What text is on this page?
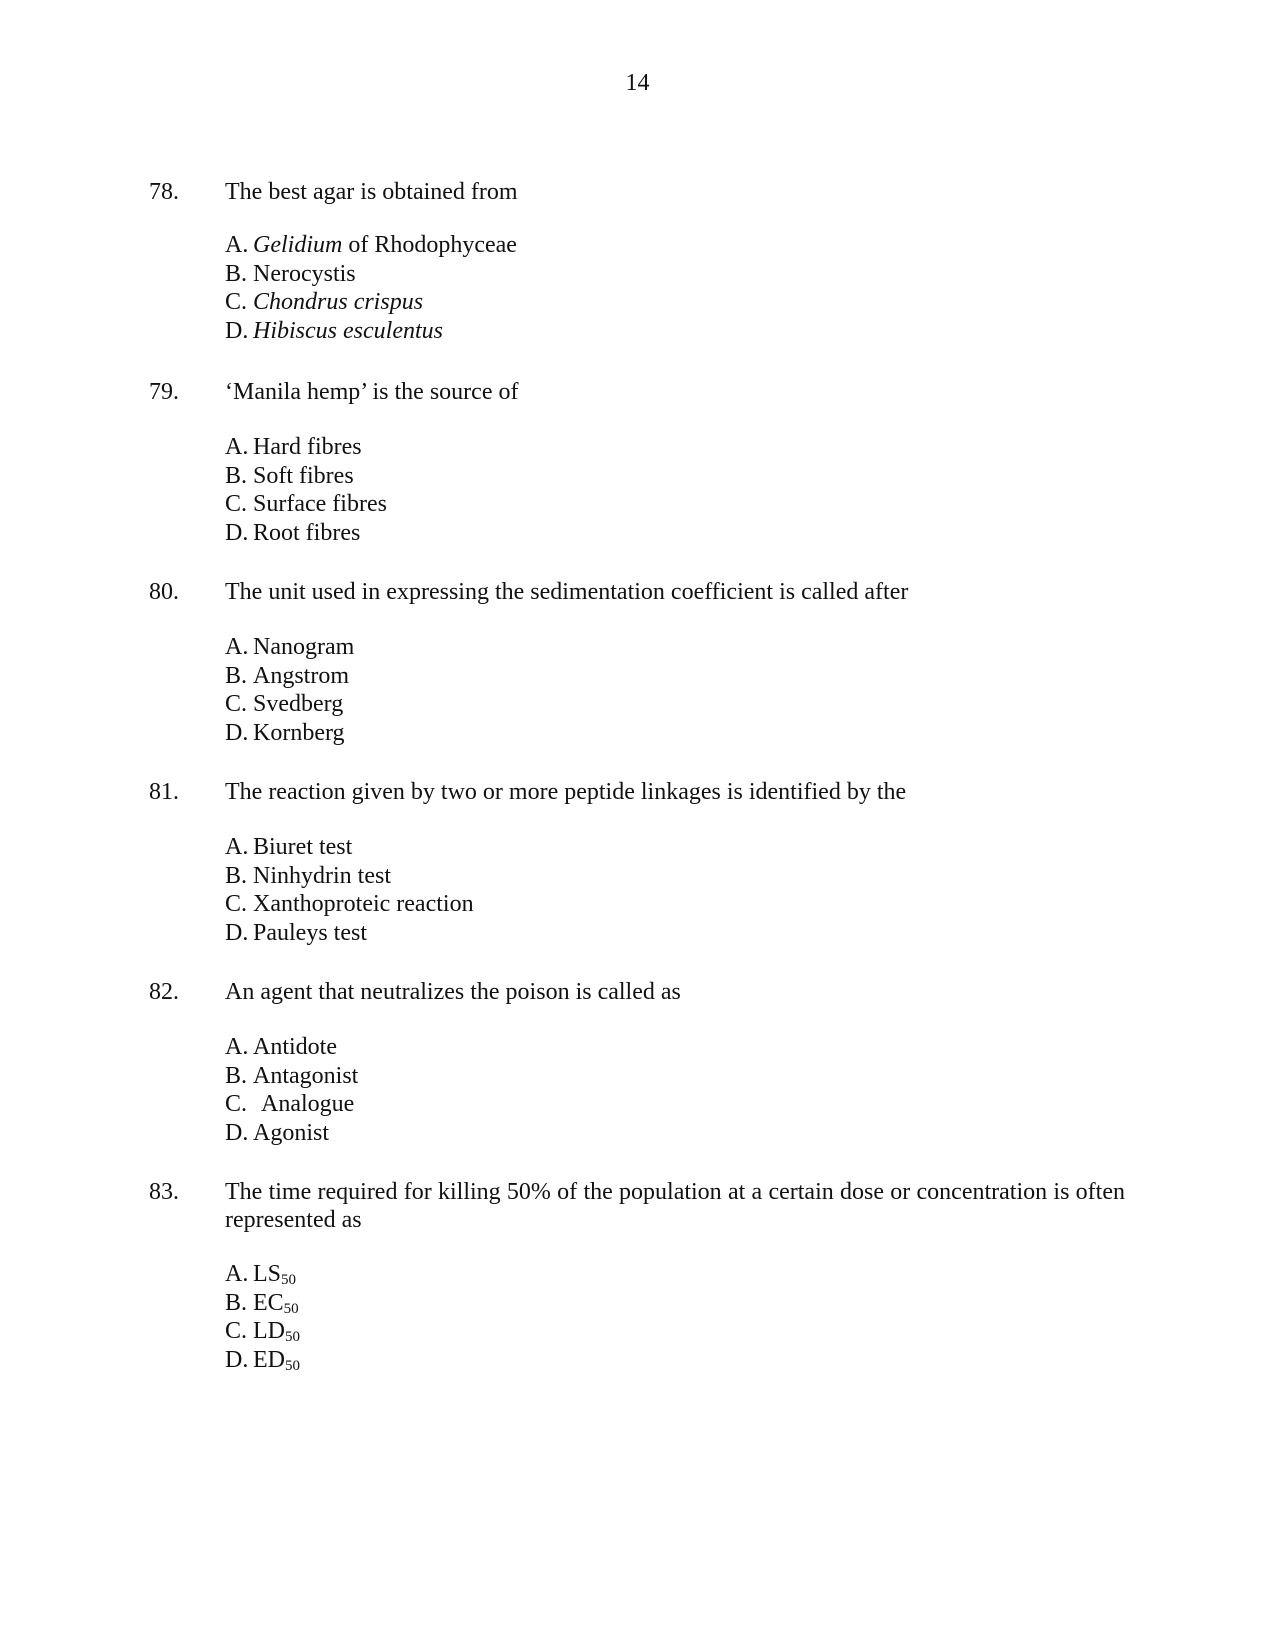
14
78. The best agar is obtained from
A. Gelidium of Rhodophyceae
B. Nerocystis
C. Chondrus crispus
D. Hibiscus esculentus
79. ‘Manila hemp’ is the source of
A. Hard fibres
B. Soft fibres
C. Surface fibres
D. Root fibres
80. The unit used in expressing the sedimentation coefficient is called after
A. Nanogram
B. Angstrom
C. Svedberg
D. Kornberg
81. The reaction given by two or more peptide linkages is identified by the
A. Biuret test
B. Ninhydrin test
C. Xanthoproteic reaction
D. Pauleys test
82. An agent that neutralizes the poison is called as
A. Antidote
B. Antagonist
C. Analogue
D. Agonist
83. The time required for killing 50% of the population at a certain dose or concentration is often represented as
A. $LS_{50}$
B. $EC_{50}$
C. $LD_{50}$
D. $ED_{50}$
